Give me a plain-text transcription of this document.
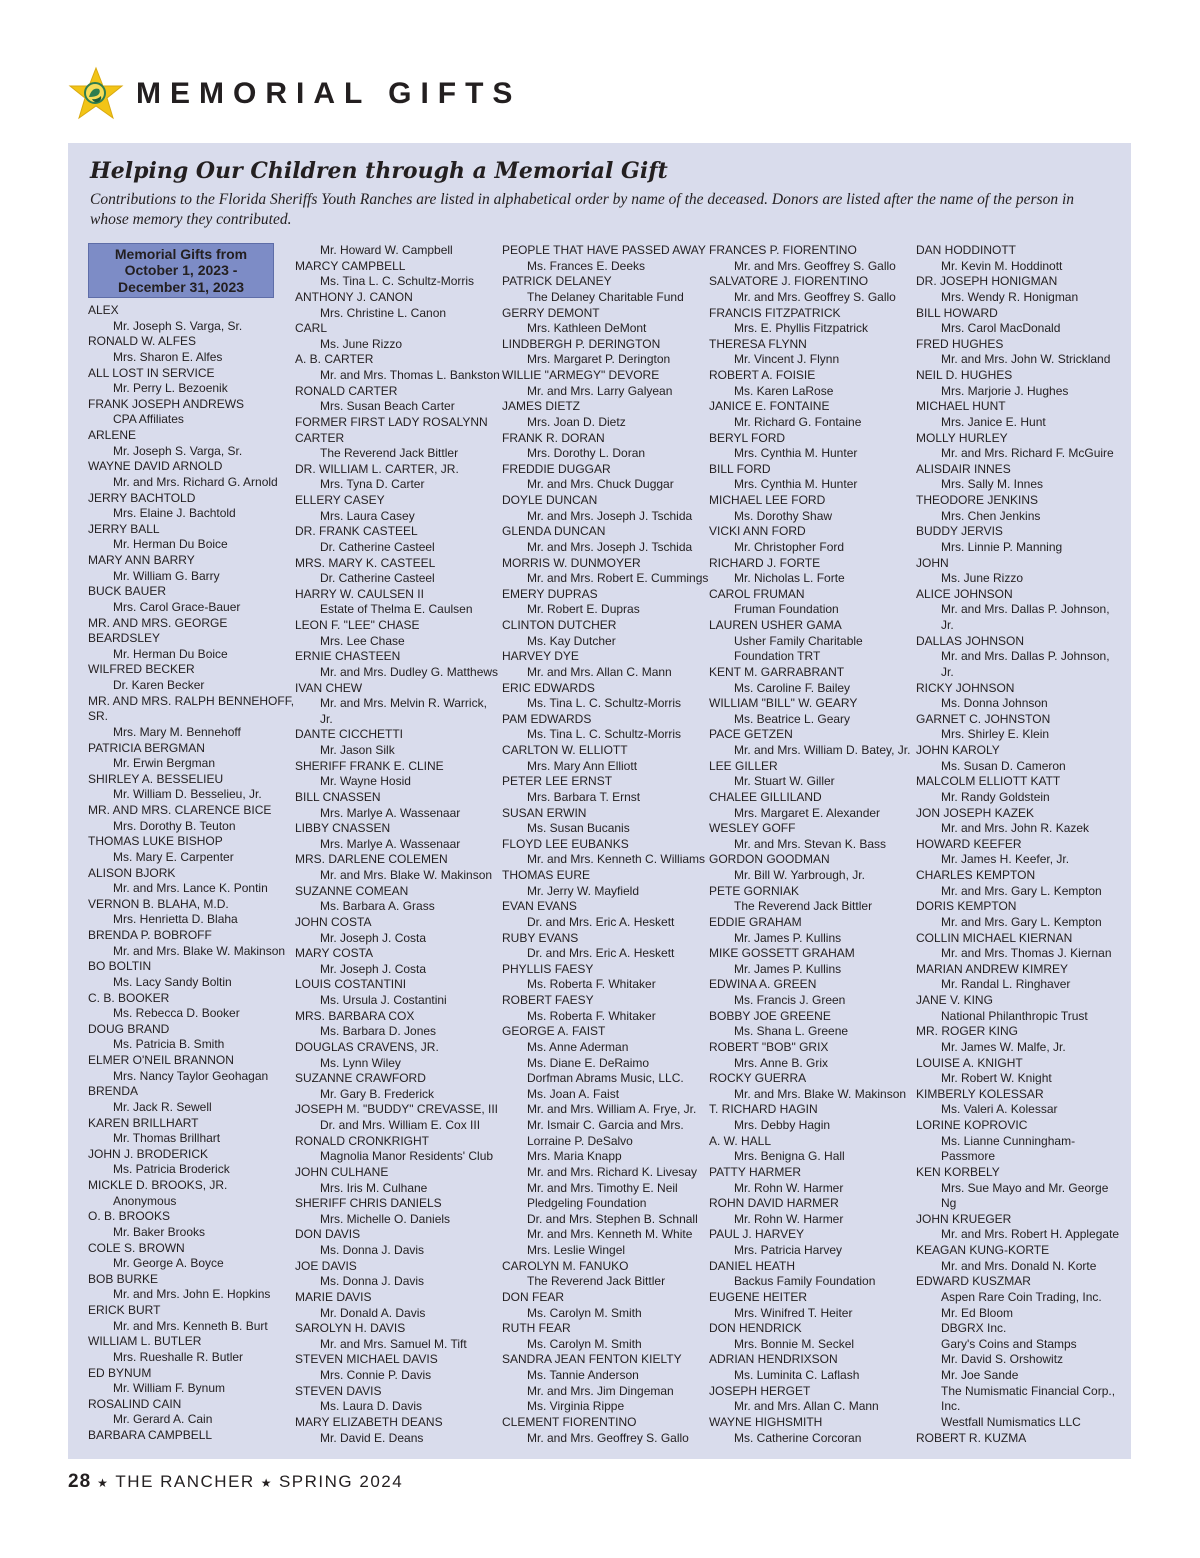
MEMORIAL GIFTS
Helping Our Children through a Memorial Gift

Contributions to the Florida Sheriffs Youth Ranches are listed in alphabetical order by name of the deceased. Donors are listed after the name of the person in whose memory they contributed.

Memorial Gifts from October 1, 2023 - December 31, 2023
ALEX
Mr. Joseph S. Varga, Sr.
RONALD W. ALFES
Mrs. Sharon E. Alfes
ALL LOST IN SERVICE
Mr. Perry L. Bezoenik
FRANK JOSEPH ANDREWS
CPA Affiliates
ARLENE
Mr. Joseph S. Varga, Sr.
WAYNE DAVID ARNOLD
Mr. and Mrs. Richard G. Arnold
JERRY BACHTOLD
Mrs. Elaine J. Bachtold
JERRY BALL
Mr. Herman Du Boice
MARY ANN BARRY
Mr. William G. Barry
BUCK BAUER
Mrs. Carol Grace-Bauer
MR. AND MRS. GEORGE
BEARDSLEY
Mr. Herman Du Boice
WILFRED BECKER
Dr. Karen Becker
MR. AND MRS. RALPH BENNEHOFF,
SR.
Mrs. Mary M. Bennehoff
PATRICIA BERGMAN
Mr. Erwin Bergman
SHIRLEY A. BESSELIEU
Mr. William D. Besselieu, Jr.
MR. AND MRS. CLARENCE BICE
Mrs. Dorothy B. Teuton
THOMAS LUKE BISHOP
Ms. Mary E. Carpenter
ALISON BJORK
Mr. and Mrs. Lance K. Pontin
VERNON B. BLAHA, M.D.
Mrs. Henrietta D. Blaha
BRENDA P. BOBROFF
Mr. and Mrs. Blake W. Makinson
BO BOLTIN
Ms. Lacy Sandy Boltin
C. B. BOOKER
Ms. Rebecca D. Booker
DOUG BRAND
Ms. Patricia B. Smith
ELMER O'NEIL BRANNON
Mrs. Nancy Taylor Geohagan
BRENDA
Mr. Jack R. Sewell
KAREN BRILLHART
Mr. Thomas Brillhart
JOHN J. BRODERICK
Ms. Patricia Broderick
MICKLE D. BROOKS, JR.
Anonymous
O. B. BROOKS
Mr. Baker Brooks
COLE S. BROWN
Mr. George A. Boyce
BOB BURKE
Mr. and Mrs. John E. Hopkins
ERICK BURT
Mr. and Mrs. Kenneth B. Burt
WILLIAM L. BUTLER
Mrs. Rueshalle R. Butler
ED BYNUM
Mr. William F. Bynum
ROSALIND CAIN
Mr. Gerard A. Cain
BARBARA CAMPBELL
Mr. Howard W. Campbell
MARCY CAMPBELL
Ms. Tina L. C. Schultz-Morris
ANTHONY J. CANON
Mrs. Christine L. Canon
CARL
Ms. June Rizzo
A. B. CARTER
Mr. and Mrs. Thomas L. Bankston
RONALD CARTER
Mrs. Susan Beach Carter
FORMER FIRST LADY ROSALYNN
CARTER
The Reverend Jack Bittler
DR. WILLIAM L. CARTER, JR.
Mrs. Tyna D. Carter
ELLERY CASEY
Mrs. Laura Casey
DR. FRANK CASTEEL
Dr. Catherine Casteel
MRS. MARY K. CASTEEL
Dr. Catherine Casteel
HARRY W. CAULSEN II
Estate of Thelma E. Caulsen
LEON F. "LEE" CHASE
Mrs. Lee Chase
ERNIE CHASTEEN
Mr. and Mrs. Dudley G. Matthews
IVAN CHEW
Mr. and Mrs. Melvin R. Warrick,
Jr.
DANTE CICCHETTI
Mr. Jason Silk
SHERIFF FRANK E. CLINE
Mr. Wayne Hosid
BILL CNASSEN
Mrs. Marlye A. Wassenaar
LIBBY CNASSEN
Mrs. Marlye A. Wassenaar
MRS. DARLENE COLEMEN
Mr. and Mrs. Blake W. Makinson
SUZANNE COMEAN
Ms. Barbara A. Grass
JOHN COSTA
Mr. Joseph J. Costa
MARY COSTA
Mr. Joseph J. Costa
LOUIS COSTANTINI
Ms. Ursula J. Costantini
MRS. BARBARA COX
Ms. Barbara D. Jones
DOUGLAS CRAVENS, JR.
Ms. Lynn Wiley
SUZANNE CRAWFORD
Mr. Gary B. Frederick
JOSEPH M. "BUDDY" CREVASSE, III
Dr. and Mrs. William E. Cox III
RONALD CRONKRIGHT
Magnolia Manor Residents' Club
JOHN CULHANE
Mrs. Iris M. Culhane
SHERIFF CHRIS DANIELS
Mrs. Michelle O. Daniels
DON DAVIS
Ms. Donna J. Davis
JOE DAVIS
Ms. Donna J. Davis
MARIE DAVIS
Mr. Donald A. Davis
SAROLYN H. DAVIS
Mr. and Mrs. Samuel M. Tift
STEVEN MICHAEL DAVIS
Mrs. Connie P. Davis
STEVEN DAVIS
Ms. Laura D. Davis
MARY ELIZABETH DEANS
Mr. David E. Deans
PEOPLE THAT HAVE PASSED AWAY
Ms. Frances E. Deeks
PATRICK DELANEY
The Delaney Charitable Fund
GERRY DEMONT
Mrs. Kathleen DeMont
LINDBERGH P. DERINGTON
Mrs. Margaret P. Derington
WILLIE "ARMEGY" DEVORE
Mr. and Mrs. Larry Galyean
JAMES DIETZ
Mrs. Joan D. Dietz
FRANK R. DORAN
Mrs. Dorothy L. Doran
FREDDIE DUGGAR
Mr. and Mrs. Chuck Duggar
DOYLE DUNCAN
Mr. and Mrs. Joseph J. Tschida
GLENDA DUNCAN
Mr. and Mrs. Joseph J. Tschida
MORRIS W. DUNMOYER
Mr. and Mrs. Robert E. Cummings
EMERY DUPRAS
Mr. Robert E. Dupras
CLINTON DUTCHER
Ms. Kay Dutcher
HARVEY DYE
Mr. and Mrs. Allan C. Mann
ERIC EDWARDS
Ms. Tina L. C. Schultz-Morris
PAM EDWARDS
Ms. Tina L. C. Schultz-Morris
CARLTON W. ELLIOTT
Mrs. Mary Ann Elliott
PETER LEE ERNST
Mrs. Barbara T. Ernst
SUSAN ERWIN
Ms. Susan Bucanis
FLOYD LEE EUBANKS
Mr. and Mrs. Kenneth C. Williams
THOMAS EURE
Mr. Jerry W. Mayfield
EVAN EVANS
Dr. and Mrs. Eric A. Heskett
RUBY EVANS
Dr. and Mrs. Eric A. Heskett
PHYLLIS FAESY
Ms. Roberta F. Whitaker
ROBERT FAESY
Ms. Roberta F. Whitaker
GEORGE A. FAIST
Ms. Anne Aderman
Ms. Diane E. DeRaimo
Dorfman Abrams Music, LLC.
Ms. Joan A. Faist
Mr. and Mrs. William A. Frye, Jr.
Mr. Ismair C. Garcia and Mrs.
Lorraine P. DeSalvo
Mrs. Maria Knapp
Mr. and Mrs. Richard K. Livesay
Mr. and Mrs. Timothy E. Neil
Pledgeling Foundation
Dr. and Mrs. Stephen B. Schnall
Mr. and Mrs. Kenneth M. White
Mrs. Leslie Wingel
CAROLYN M. FANUKO
The Reverend Jack Bittler
DON FEAR
Ms. Carolyn M. Smith
RUTH FEAR
Ms. Carolyn M. Smith
SANDRA JEAN FENTON KIELTY
Ms. Tannie Anderson
Mr. and Mrs. Jim Dingeman
Ms. Virginia Rippe
CLEMENT FIORENTINO
Mr. and Mrs. Geoffrey S. Gallo
FRANCES P. FIORENTINO
Mr. and Mrs. Geoffrey S. Gallo
SALVATORE J. FIORENTINO
Mr. and Mrs. Geoffrey S. Gallo
FRANCIS FITZPATRICK
Mrs. E. Phyllis Fitzpatrick
THERESA FLYNN
Mr. Vincent J. Flynn
ROBERT A. FOISIE
Ms. Karen LaRose
JANICE E. FONTAINE
Mr. Richard G. Fontaine
BERYL FORD
Mrs. Cynthia M. Hunter
BILL FORD
Mrs. Cynthia M. Hunter
MICHAEL LEE FORD
Ms. Dorothy Shaw
VICKI ANN FORD
Mr. Christopher Ford
RICHARD J. FORTE
Mr. Nicholas L. Forte
CAROL FRUMAN
Fruman Foundation
LAUREN USHER GAMA
Usher Family Charitable
Foundation TRT
KENT M. GARRABRANT
Ms. Caroline F. Bailey
WILLIAM "BILL" W. GEARY
Ms. Beatrice L. Geary
PACE GETZEN
Mr. and Mrs. William D. Batey, Jr.
LEE GILLER
Mr. Stuart W. Giller
CHALEE GILLILAND
Mrs. Margaret E. Alexander
WESLEY GOFF
Mr. and Mrs. Stevan K. Bass
GORDON GOODMAN
Mr. Bill W. Yarbrough, Jr.
PETE GORNIAK
The Reverend Jack Bittler
EDDIE GRAHAM
Mr. James P. Kullins
MIKE GOSSETT GRAHAM
Mr. James P. Kullins
EDWINA A. GREEN
Ms. Francis J. Green
BOBBY JOE GREENE
Ms. Shana L. Greene
ROBERT "BOB" GRIX
Mrs. Anne B. Grix
ROCKY GUERRA
Mr. and Mrs. Blake W. Makinson
T. RICHARD HAGIN
Mrs. Debby Hagin
A. W. HALL
Mrs. Benigna G. Hall
PATTY HARMER
Mr. Rohn W. Harmer
ROHN DAVID HARMER
Mr. Rohn W. Harmer
PAUL J. HARVEY
Mrs. Patricia Harvey
DANIEL HEATH
Backus Family Foundation
EUGENE HEITER
Mrs. Winifred T. Heiter
DON HENDRICK
Mrs. Bonnie M. Seckel
ADRIAN HENDRIXSON
Ms. Luminita C. Laflash
JOSEPH HERGET
Mr. and Mrs. Allan C. Mann
WAYNE HIGHSMITH
Ms. Catherine Corcoran
DAN HODDINOTT
Mr. Kevin M. Hoddinott
DR. JOSEPH HONIGMAN
Mrs. Wendy R. Honigman
BILL HOWARD
Mrs. Carol MacDonald
FRED HUGHES
Mr. and Mrs. John W. Strickland
NEIL D. HUGHES
Mrs. Marjorie J. Hughes
MICHAEL HUNT
Mrs. Janice E. Hunt
MOLLY HURLEY
Mr. and Mrs. Richard F. McGuire
ALISDAIR INNES
Mrs. Sally M. Innes
THEODORE JENKINS
Mrs. Chen Jenkins
BUDDY JERVIS
Mrs. Linnie P. Manning
JOHN
Ms. June Rizzo
ALICE JOHNSON
Mr. and Mrs. Dallas P. Johnson,
Jr.
DALLAS JOHNSON
Mr. and Mrs. Dallas P. Johnson,
Jr.
RICKY JOHNSON
Ms. Donna Johnson
GARNET C. JOHNSTON
Mrs. Shirley E. Klein
JOHN KAROLY
Ms. Susan D. Cameron
MALCOLM ELLIOTT KATT
Mr. Randy Goldstein
JON JOSEPH KAZEK
Mr. and Mrs. John R. Kazek
HOWARD KEEFER
Mr. James H. Keefer, Jr.
CHARLES KEMPTON
Mr. and Mrs. Gary L. Kempton
DORIS KEMPTON
Mr. and Mrs. Gary L. Kempton
COLLIN MICHAEL KIERNAN
Mr. and Mrs. Thomas J. Kiernan
MARIAN ANDREW KIMREY
Mr. Randal L. Ringhaver
JANE V. KING
National Philanthropic Trust
MR. ROGER KING
Mr. James W. Malfe, Jr.
LOUISE A. KNIGHT
Mr. Robert W. Knight
KIMBERLY KOLESSAR
Ms. Valeri A. Kolessar
LORINE KOPROVIC
Ms. Lianne Cunningham-
Passmore
KEN KORBELY
Mrs. Sue Mayo and Mr. George
Ng
JOHN KRUEGER
Mr. and Mrs. Robert H. Applegate
KEAGAN KUNG-KORTE
Mr. and Mrs. Donald N. Korte
EDWARD KUSZMAR
Aspen Rare Coin Trading, Inc.
Mr. Ed Bloom
DBGRX Inc.
Gary's Coins and Stamps
Mr. David S. Orshowitz
Mr. Joe Sande
The Numismatic Financial Corp.,
Inc.
Westfall Numismatics LLC
ROBERT R. KUZMA
28 ★ THE RANCHER ★ SPRING 2024
